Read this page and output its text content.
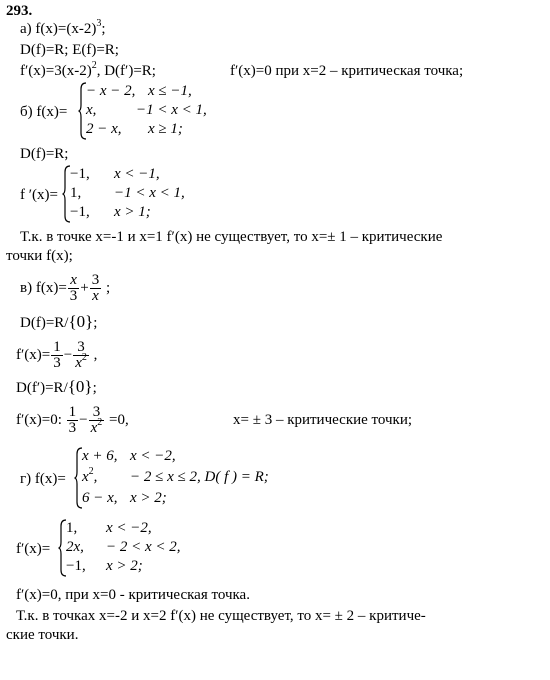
293.
а) $f(x)=(x-2)^3$;
D(f)=R; E(f)=R;
$f'(x)=3(x-2)^2$, D(f′)=R;	f′(x)=0 при x=2 – критическая точка;
б) f(x)=
− x − 2, x ≤ −1,
x,	−1 < x < 1,
2 − x, x ≥ 1;
D(f)=R;
f ′(x)=
−1, x < −1,
1, −1 < x < 1,
−1, x > 1;
Т.к. в точке x=-1 и x=1 f′(x) не существует, то x=± 1 – критические
точки f(x);
в) $f(x)= \frac{x}{3} + \frac{3}{x}$ ;
D(f)=R/{0};
$f'(x)= \frac{1}{3} - \frac{3}{x^2}$ ,
D(f′)=R/{0};
f′(x)=0: $\frac{1}{3} - \frac{3}{x^2} =0$,	x= ± 3 – критические точки;
г) f(x)=
x + 6, x < −2,
$x^2$, − 2 ≤ x ≤ 2, D( f ) = R;
6 − x, x > 2;
f′(x)=
1, x < −2,
2x, − 2 < x < 2,
−1, x > 2;
f′(x)=0, при x=0 - критическая точка.
Т.к. в точках x=-2 и x=2 f′(x) не существует, то x= ± 2 – критиче-
ские точки.
